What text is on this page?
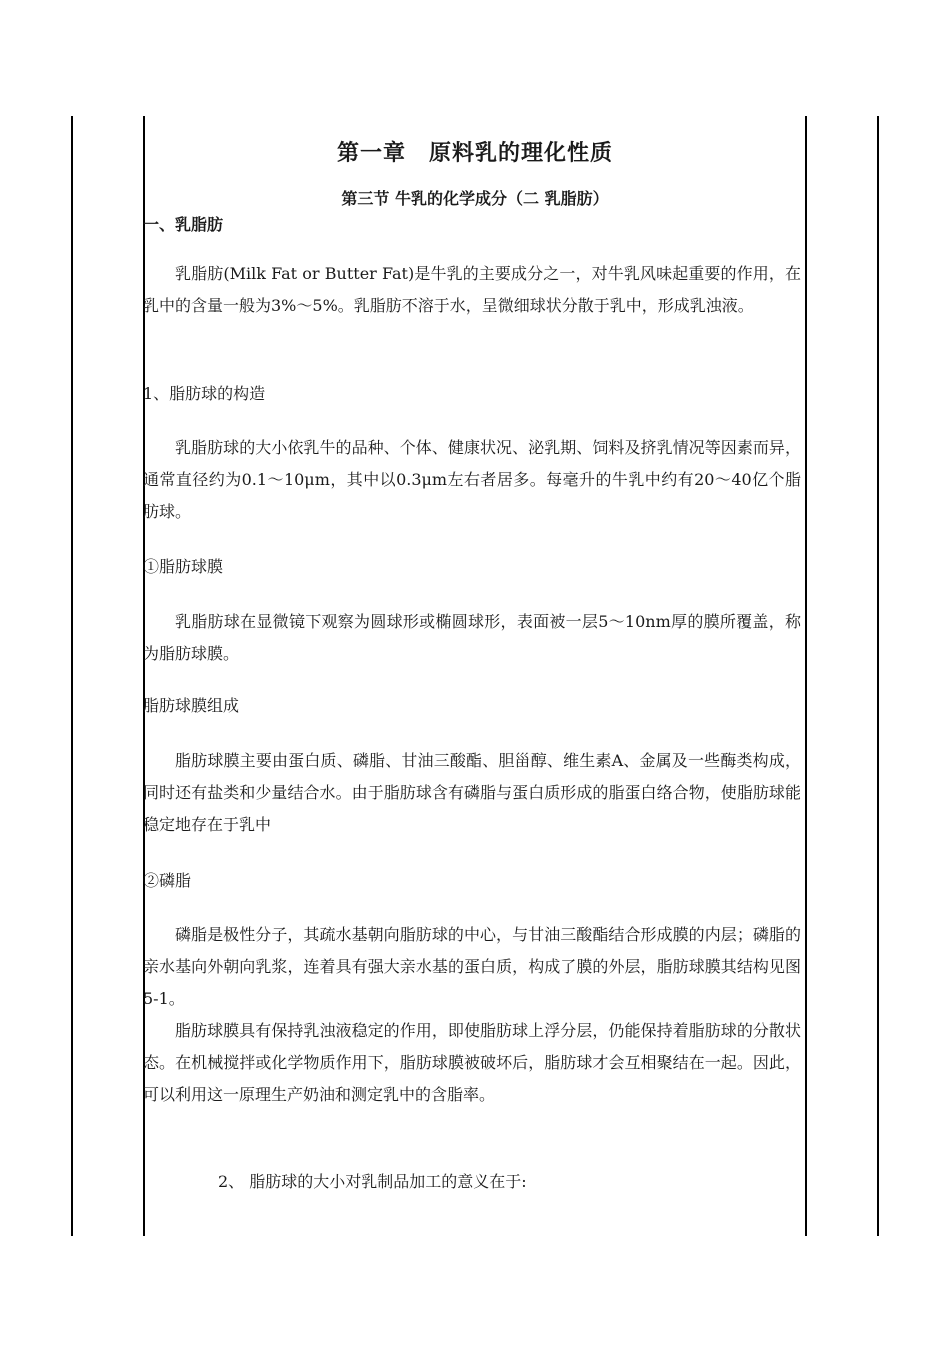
第一章　原料乳的理化性质
第三节 牛乳的化学成分（二 乳脂肪）
一、乳脂肪

乳脂肪(Milk Fat or Butter Fat)是牛乳的主要成分之一，对牛乳风味起重要的作用，在乳中的含量一般为3%～5%。乳脂肪不溶于水，呈微细球状分散于乳中，形成乳浊液。

1、脂肪球的构造

乳脂肪球的大小依乳牛的品种、个体、健康状况、泌乳期、饲料及挤乳情况等因素而异，通常直径约为0.1～10μm，其中以0.3μm左右者居多。每毫升的牛乳中约有20～40亿个脂肪球。

①脂肪球膜

乳脂肪球在显微镜下观察为圆球形或椭圆球形，表面被一层5～10nm厚的膜所覆盖，称为脂肪球膜。

脂肪球膜组成

脂肪球膜主要由蛋白质、磷脂、甘油三酸酯、胆甾醇、维生素A、金属及一些酶类构成，同时还有盐类和少量结合水。由于脂肪球含有磷脂与蛋白质形成的脂蛋白络合物，使脂肪球能稳定地存在于乳中

②磷脂

磷脂是极性分子，其疏水基朝向脂肪球的中心，与甘油三酸酯结合形成膜的内层；磷脂的亲水基向外朝向乳浆，连着具有强大亲水基的蛋白质，构成了膜的外层，脂肪球膜其结构见图5-1。

脂肪球膜具有保持乳浊液稳定的作用，即使脂肪球上浮分层，仍能保持着脂肪球的分散状态。在机械搅拌或化学物质作用下，脂肪球膜被破坏后，脂肪球才会互相聚结在一起。因此，可以利用这一原理生产奶油和测定乳中的含脂率。

2、 脂肪球的大小对乳制品加工的意义在于:
